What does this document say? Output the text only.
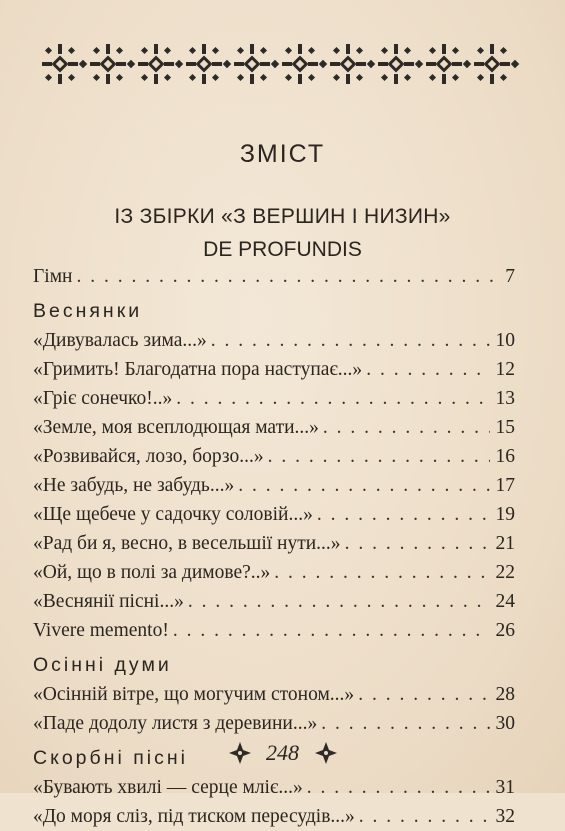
ЗМІСТ
ІЗ ЗБІРКИ «З ВЕРШИН І НИЗИН»
DE PROFUNDIS
Гімн . . .	7
Веснянки
«Дивувалась зима...» . . .	10
«Гримить! Благодатна пора наступає...» . . .	12
«Гріє сонечко!..» . . .	13
«Земле, моя всеплодющая мати...» . . .	15
«Розвивайся, лозо, борзо...» . . .	16
«Не забудь, не забудь...» . . .	17
«Ще щебече у садочку соловій...» . . .	19
«Рад би я, весно, в весельшії нути...» . . .	21
«Ой, що в полі за димове?..» . . .	22
«Веснянії пісні...» . . .	24
Vivere memento! . . .	26
Осінні думи
«Осінній вітре, що могучим стоном...» . . .	28
«Паде додолу листя з деревини...» . . .	30
Скорбні пісні
«Бувають хвилі — серце мліє...» . . .	31
«До моря сліз, під тиском пересудів...» . . .	32
248
